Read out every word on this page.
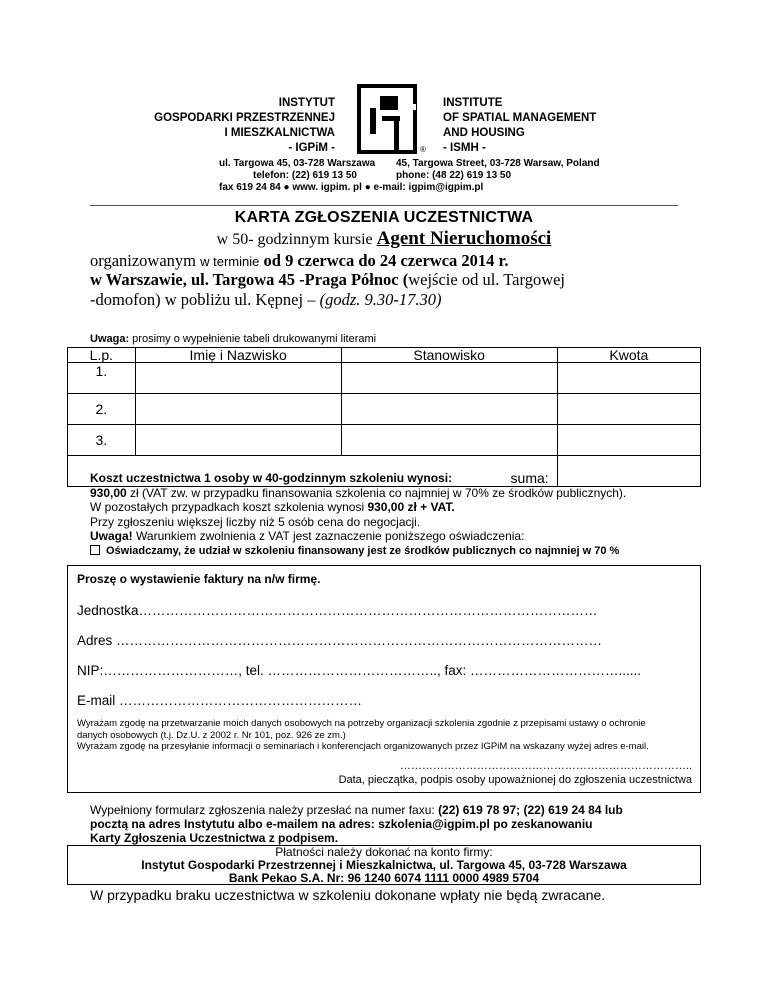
INSTYTUT
GOSPODARKI PRZESTRZENNEJ
I MIESZKALNICTWA
- IGPiM -	®
INSTITUTE
OF SPATIAL MANAGEMENT
AND HOUSING
- ISMH -
ul. Targowa 45, 03-728 Warszawa
telefon: (22) 619 13 50
45, Targowa Street, 03-728 Warsaw, Poland
phone: (48 22) 619 13 50
fax 619 24 84 ● www. igpim. pl ● e-mail: igpim@igpim.pl
KARTA ZGŁOSZENIA UCZESTNICTWA
w 50- godzinnym kursie Agent Nieruchomości
organizowanym w terminie od 9 czerwca do 24 czerwca 2014 r.
w Warszawie, ul. Targowa 45 -Praga Północ (wejście od ul. Targowej
-domofon) w pobliżu ul. Kępnej – (godz. 9.30-17.30)
Uwaga: prosimy o wypełnienie tabeli drukowanymi literami
L.p.	Imię i Nazwisko	Stanowisko	Kwota
1.			
2.			
3.			
suma:			
Koszt uczestnictwa 1 osoby w 40-godzinnym szkoleniu wynosi:
930,00 zł (VAT zw. w przypadku finansowania szkolenia co najmniej w 70% ze środków publicznych).
W pozostałych przypadkach koszt szkolenia wynosi 930,00 zł + VAT.
Przy zgłoszeniu większej liczby niż 5 osób cena do negocjacji.
Uwaga! Warunkiem zwolnienia z VAT jest zaznaczenie poniższego oświadczenia:
Oświadczamy, że udział w szkoleniu finansowany jest ze środków publicznych co najmniej w 70 %
Proszę o wystawienie faktury na n/w firmę.
Jednostka…………………………………………………………………………………………
Adres ………………………………………………………………………………………………
NIP:…………………………, tel. ……………………………….., fax: ……………………………......
E-mail ………………………………………………
Wyrażam zgodę na przetwarzanie moich danych osobowych na potrzeby organizacji szkolenia zgodnie z przepisami ustawy o ochronie
danych osobowych (t.j. Dz.U. z 2002 r. Nr 101, poz. 926 ze zm.)
Wyrażam zgodę na przesyłanie informacji o seminariach i konferencjach organizowanych przez IGPiM na wskazany wyżej adres e-mail.
……………………………………………………………………..
Data, pieczątka, podpis osoby upoważnionej do zgłoszenia uczestnictwa
Wypełniony formularz zgłoszenia należy przesłać na numer faxu: (22) 619 78 97; (22) 619 24 84 lub
pocztą na adres Instytutu albo e-mailem na adres: szkolenia@igpim.pl po zeskanowaniu
Karty Zgłoszenia Uczestnictwa z podpisem.
Płatności należy dokonać na konto firmy:
Instytut Gospodarki Przestrzennej i Mieszkalnictwa, ul. Targowa 45, 03-728 Warszawa
Bank Pekao S.A. Nr: 96 1240 6074 1111 0000 4989 5704
W przypadku braku uczestnictwa w szkoleniu dokonane wpłaty nie będą zwracane.
